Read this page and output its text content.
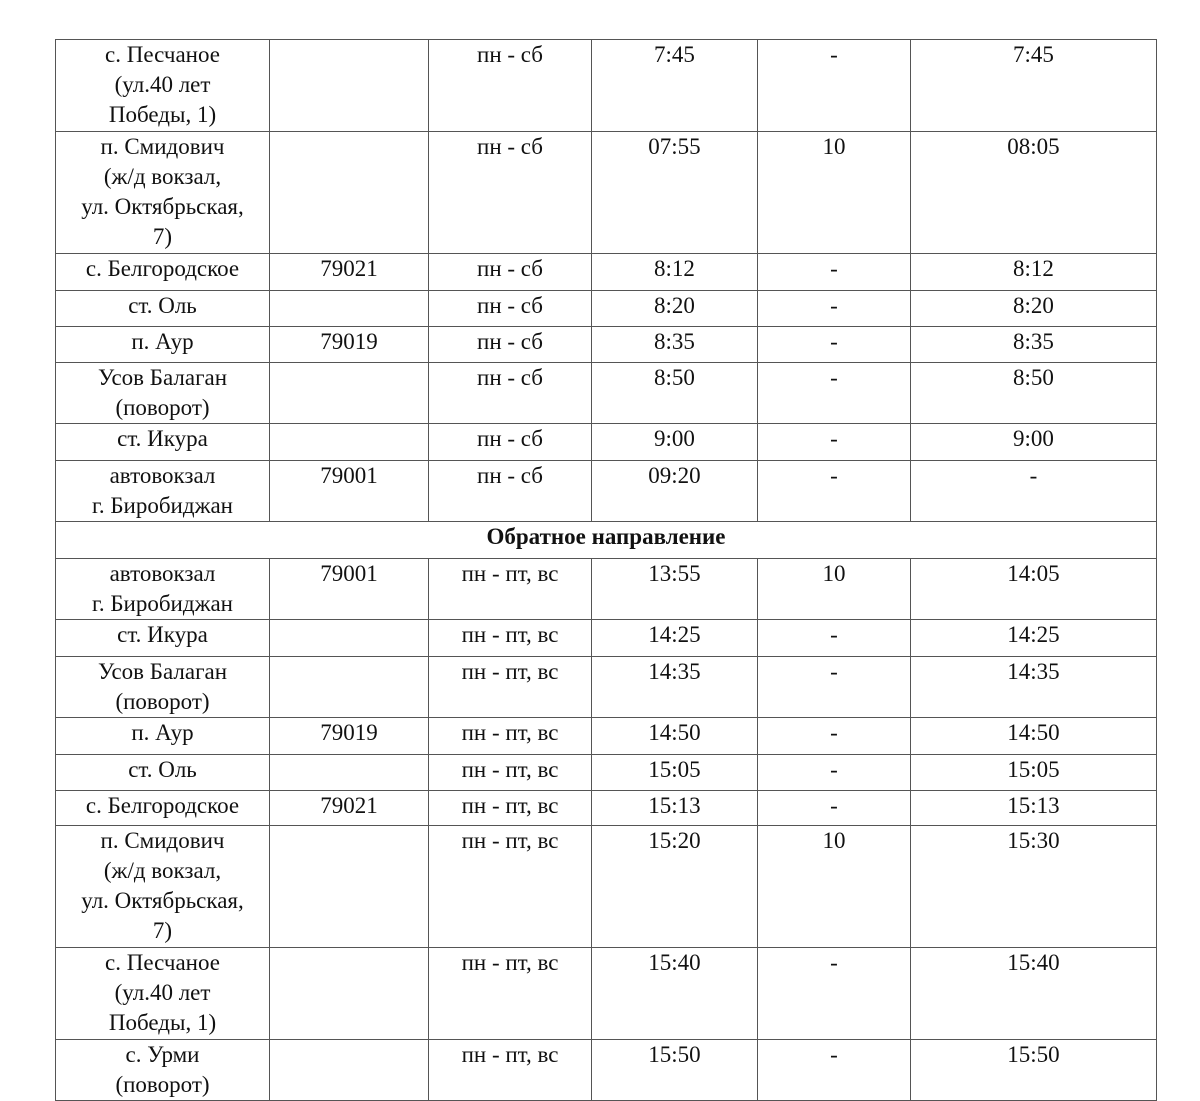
с. Песчаное
(ул.40 лет
Победы, 1)		пн - сб	7:45	-	7:45

п. Смидович
(ж/д вокзал,
ул. Октябрьская,
7)		пн - сб	07:55	10	08:05

с. Белгородское	79021	пн - сб	8:12	-	8:12

ст. Оль		пн - сб	8:20	-	8:20

п. Аур	79019	пн - сб	8:35	-	8:35

Усов Балаган
(поворот)		пн - сб	8:50	-	8:50

ст. Икура		пн - сб	9:00	-	9:00

автовокзал
г. Биробиджан	79001	пн - сб	09:20	-	-
Обратное направление					

автовокзал
г. Биробиджан	79001	пн - пт, вс	13:55	10	14:05

ст. Икура		пн - пт, вс	14:25	-	14:25

Усов Балаган
(поворот)		пн - пт, вс	14:35	-	14:35

п. Аур	79019	пн - пт, вс	14:50	-	14:50

ст. Оль		пн - пт, вс	15:05	-	15:05

с. Белгородское	79021	пн - пт, вс	15:13	-	15:13

п. Смидович
(ж/д вокзал,
ул. Октябрьская,
7)		пн - пт, вс	15:20	10	15:30

с. Песчаное
(ул.40 лет
Победы, 1)		пн - пт, вс	15:40	-	15:40

с. Урми
(поворот)		пн - пт, вс	15:50	-	15:50
